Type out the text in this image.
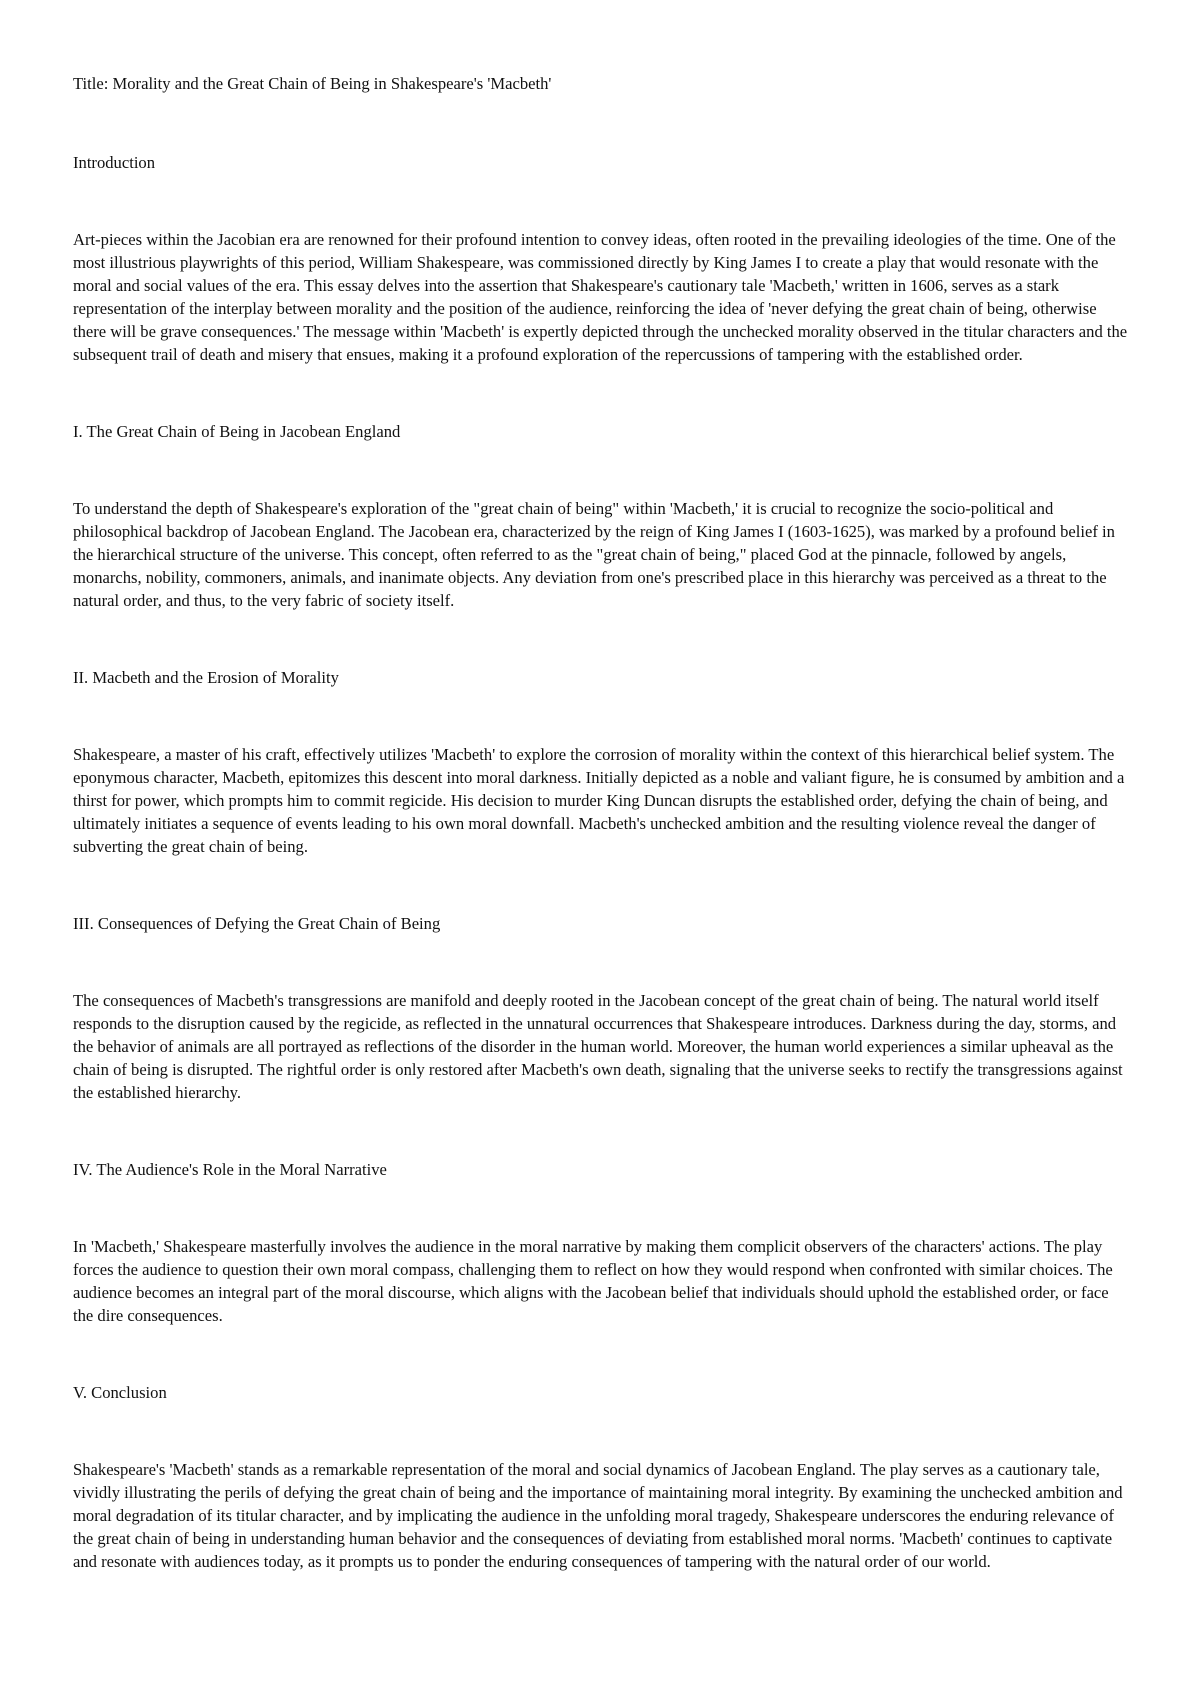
Title: Morality and the Great Chain of Being in Shakespeare's 'Macbeth'
Introduction

Art-pieces within the Jacobian era are renowned for their profound intention to convey ideas, often rooted in the prevailing ideologies of the time. One of the most illustrious playwrights of this period, William Shakespeare, was commissioned directly by King James I to create a play that would resonate with the moral and social values of the era. This essay delves into the assertion that Shakespeare's cautionary tale 'Macbeth,' written in 1606, serves as a stark representation of the interplay between morality and the position of the audience, reinforcing the idea of 'never defying the great chain of being, otherwise there will be grave consequences.' The message within 'Macbeth' is expertly depicted through the unchecked morality observed in the titular characters and the subsequent trail of death and misery that ensues, making it a profound exploration of the repercussions of tampering with the established order.

I. The Great Chain of Being in Jacobean England

To understand the depth of Shakespeare's exploration of the "great chain of being" within 'Macbeth,' it is crucial to recognize the socio-political and philosophical backdrop of Jacobean England. The Jacobean era, characterized by the reign of King James I (1603-1625), was marked by a profound belief in the hierarchical structure of the universe. This concept, often referred to as the "great chain of being," placed God at the pinnacle, followed by angels, monarchs, nobility, commoners, animals, and inanimate objects. Any deviation from one's prescribed place in this hierarchy was perceived as a threat to the natural order, and thus, to the very fabric of society itself.

II. Macbeth and the Erosion of Morality

Shakespeare, a master of his craft, effectively utilizes 'Macbeth' to explore the corrosion of morality within the context of this hierarchical belief system. The eponymous character, Macbeth, epitomizes this descent into moral darkness. Initially depicted as a noble and valiant figure, he is consumed by ambition and a thirst for power, which prompts him to commit regicide. His decision to murder King Duncan disrupts the established order, defying the chain of being, and ultimately initiates a sequence of events leading to his own moral downfall. Macbeth's unchecked ambition and the resulting violence reveal the danger of subverting the great chain of being.

III. Consequences of Defying the Great Chain of Being

The consequences of Macbeth's transgressions are manifold and deeply rooted in the Jacobean concept of the great chain of being. The natural world itself responds to the disruption caused by the regicide, as reflected in the unnatural occurrences that Shakespeare introduces. Darkness during the day, storms, and the behavior of animals are all portrayed as reflections of the disorder in the human world. Moreover, the human world experiences a similar upheaval as the chain of being is disrupted. The rightful order is only restored after Macbeth's own death, signaling that the universe seeks to rectify the transgressions against the established hierarchy.

IV. The Audience's Role in the Moral Narrative

In 'Macbeth,' Shakespeare masterfully involves the audience in the moral narrative by making them complicit observers of the characters' actions. The play forces the audience to question their own moral compass, challenging them to reflect on how they would respond when confronted with similar choices. The audience becomes an integral part of the moral discourse, which aligns with the Jacobean belief that individuals should uphold the established order, or face the dire consequences.

V. Conclusion

Shakespeare's 'Macbeth' stands as a remarkable representation of the moral and social dynamics of Jacobean England. The play serves as a cautionary tale, vividly illustrating the perils of defying the great chain of being and the importance of maintaining moral integrity. By examining the unchecked ambition and moral degradation of its titular character, and by implicating the audience in the unfolding moral tragedy, Shakespeare underscores the enduring relevance of the great chain of being in understanding human behavior and the consequences of deviating from established moral norms. 'Macbeth' continues to captivate and resonate with audiences today, as it prompts us to ponder the enduring consequences of tampering with the natural order of our world.
